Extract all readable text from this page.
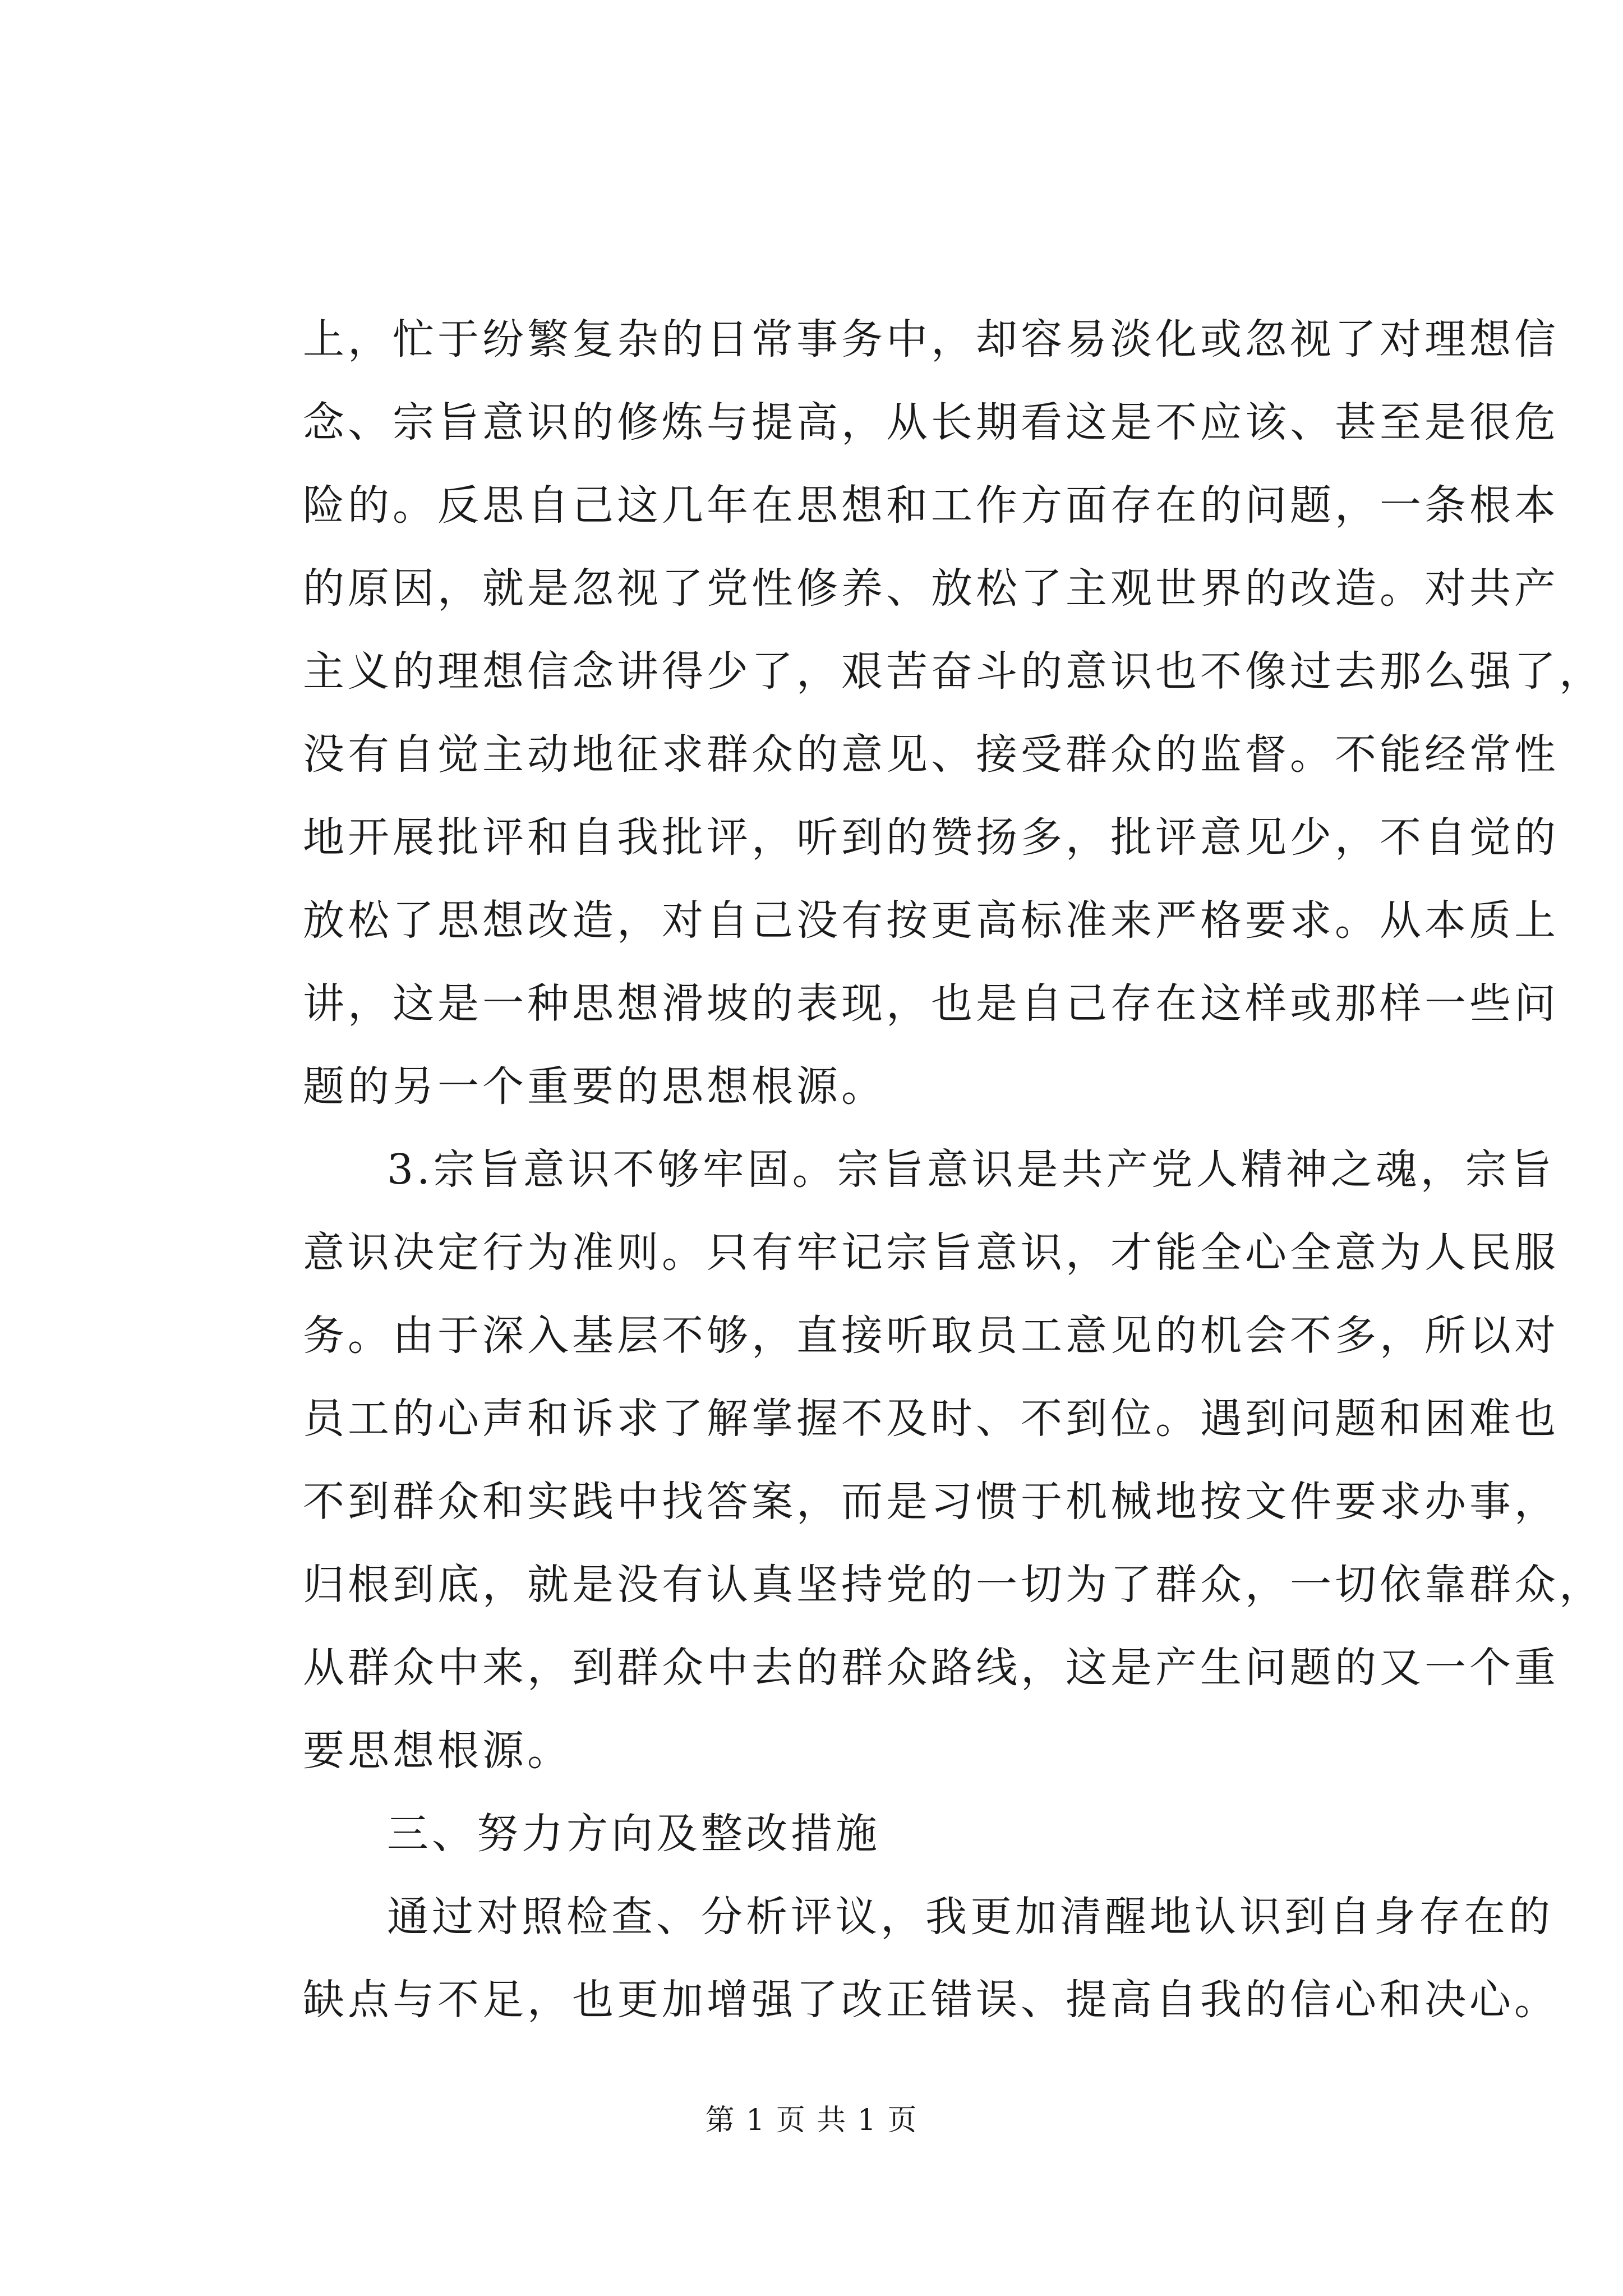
上，忙于纷繁复杂的日常事务中，却容易淡化或忽视了对理想信
念、宗旨意识的修炼与提高，从长期看这是不应该、甚至是很危
险的。反思自己这几年在思想和工作方面存在的问题，一条根本
的原因，就是忽视了党性修养、放松了主观世界的改造。对共产
主义的理想信念讲得少了，艰苦奋斗的意识也不像过去那么强了，
没有自觉主动地征求群众的意见、接受群众的监督。不能经常性
地开展批评和自我批评，听到的赞扬多，批评意见少，不自觉的
放松了思想改造，对自己没有按更高标准来严格要求。从本质上
讲，这是一种思想滑坡的表现，也是自己存在这样或那样一些问
题的另一个重要的思想根源。
3.宗旨意识不够牢固。宗旨意识是共产党人精神之魂，宗旨
意识决定行为准则。只有牢记宗旨意识，才能全心全意为人民服
务。由于深入基层不够，直接听取员工意见的机会不多，所以对
员工的心声和诉求了解掌握不及时、不到位。遇到问题和困难也
不到群众和实践中找答案，而是习惯于机械地按文件要求办事，
归根到底，就是没有认真坚持党的一切为了群众，一切依靠群众，
从群众中来，到群众中去的群众路线，这是产生问题的又一个重
要思想根源。
三、努力方向及整改措施
通过对照检查、分析评议，我更加清醒地认识到自身存在的
缺点与不足，也更加增强了改正错误、提高自我的信心和决心。
第 1 页 共 1 页
